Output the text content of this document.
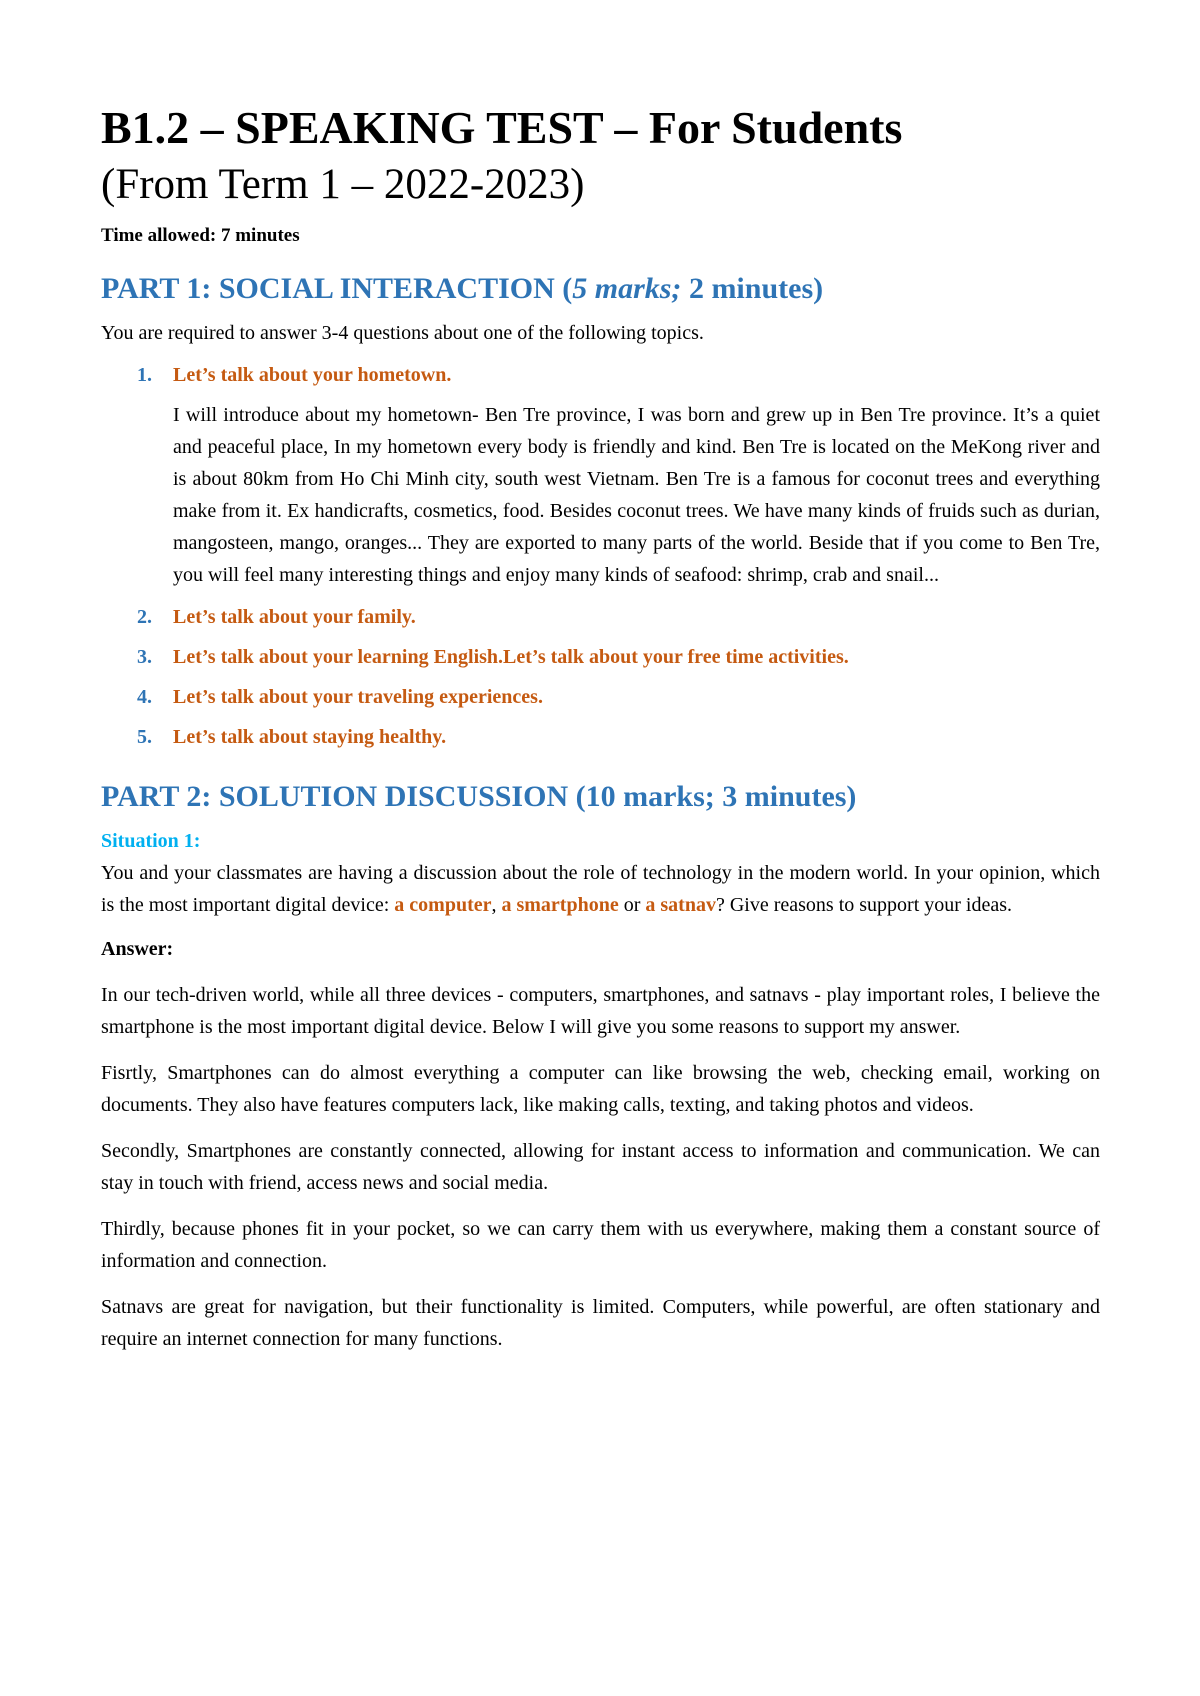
B1.2 – SPEAKING TEST – For Students
(From Term 1 – 2022-2023)
Time allowed: 7 minutes
PART 1: SOCIAL INTERACTION (5 marks; 2 minutes)

You are required to answer 3-4 questions about one of the following topics.

1.	Let’s talk about your hometown.

I will introduce about my hometown- Ben Tre province, I was born and grew up in Ben Tre province. It’s a quiet and peaceful place, In my hometown every body is friendly and kind. Ben Tre is located on the MeKong river and is about 80km from Ho Chi Minh city, south west Vietnam. Ben Tre is a famous for coconut trees and everything make from it. Ex handicrafts, cosmetics, food. Besides coconut trees. We have many kinds of fruids such as durian, mangosteen, mango, oranges... They are exported to many parts of the world. Beside that if you come to Ben Tre, you will feel many interesting things and enjoy many kinds of seafood: shrimp, crab and snail...

2.	Let’s talk about your family.
3.	Let’s talk about your learning English.Let’s talk about your free time activities.
4.	Let’s talk about your traveling experiences.
5.	Let’s talk about staying healthy.
PART 2: SOLUTION DISCUSSION (10 marks; 3 minutes)
Situation 1:

You and your classmates are having a discussion about the role of technology in the modern world. In your opinion, which is the most important digital device: a computer, a smartphone or a satnav? Give reasons to support your ideas.

Answer:

In our tech-driven world, while all three devices - computers, smartphones, and satnavs - play important roles, I believe the smartphone is the most important digital device. Below I will give you some reasons to support my answer.

Fisrtly, Smartphones can do almost everything a computer can like browsing the web, checking email, working on documents. They also have features computers lack, like making calls, texting, and taking photos and videos.

Secondly, Smartphones are constantly connected, allowing for instant access to information and communication. We can stay in touch with friend, access news and social media.

Thirdly, because phones fit in your pocket, so we can carry them with us everywhere, making them a constant source of information and connection.

Satnavs are great for navigation, but their functionality is limited. Computers, while powerful, are often stationary and require an internet connection for many functions.
